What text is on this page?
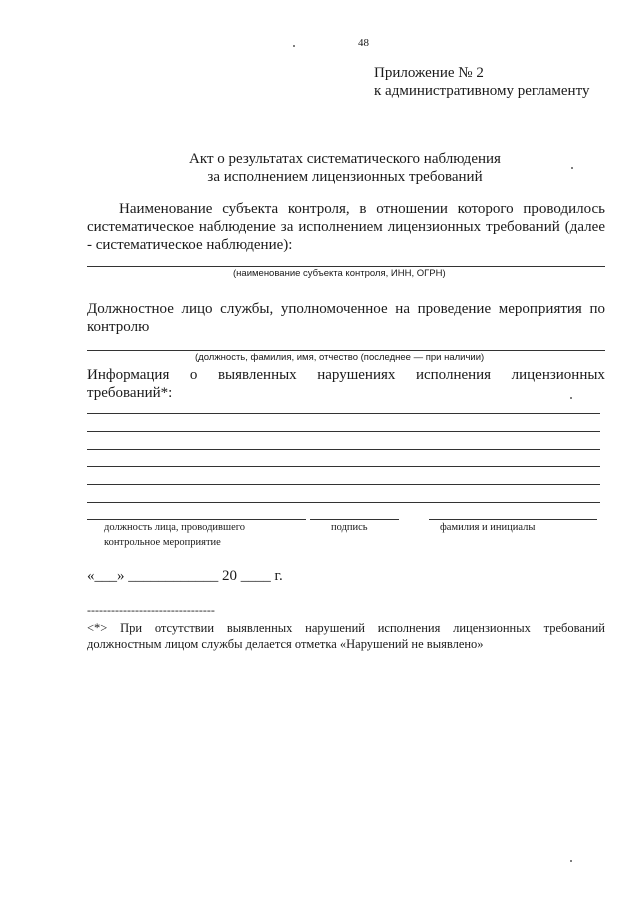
48
Приложение № 2
к административному регламенту
Акт о результатах систематического наблюдения
за исполнением лицензионных требований
Наименование субъекта контроля, в отношении которого проводилось систематическое наблюдение за исполнением лицензионных требований (далее - систематическое наблюдение):
(наименование субъекта контроля, ИНН, ОГРН)
Должностное лицо службы, уполномоченное на проведение мероприятия по контролю
(должность, фамилия, имя, отчество (последнее — при наличии)
Информация о выявленных нарушениях исполнения лицензионных
требований*:
должность лица, проводившего
контрольное мероприятие
подпись	фамилия и инициалы
«___» ____________ 20 ____ г.
--------------------------------
<*> При отсутствии выявленных нарушений исполнения лицензионных требований должностным лицом службы делается отметка «Нарушений не выявлено»
